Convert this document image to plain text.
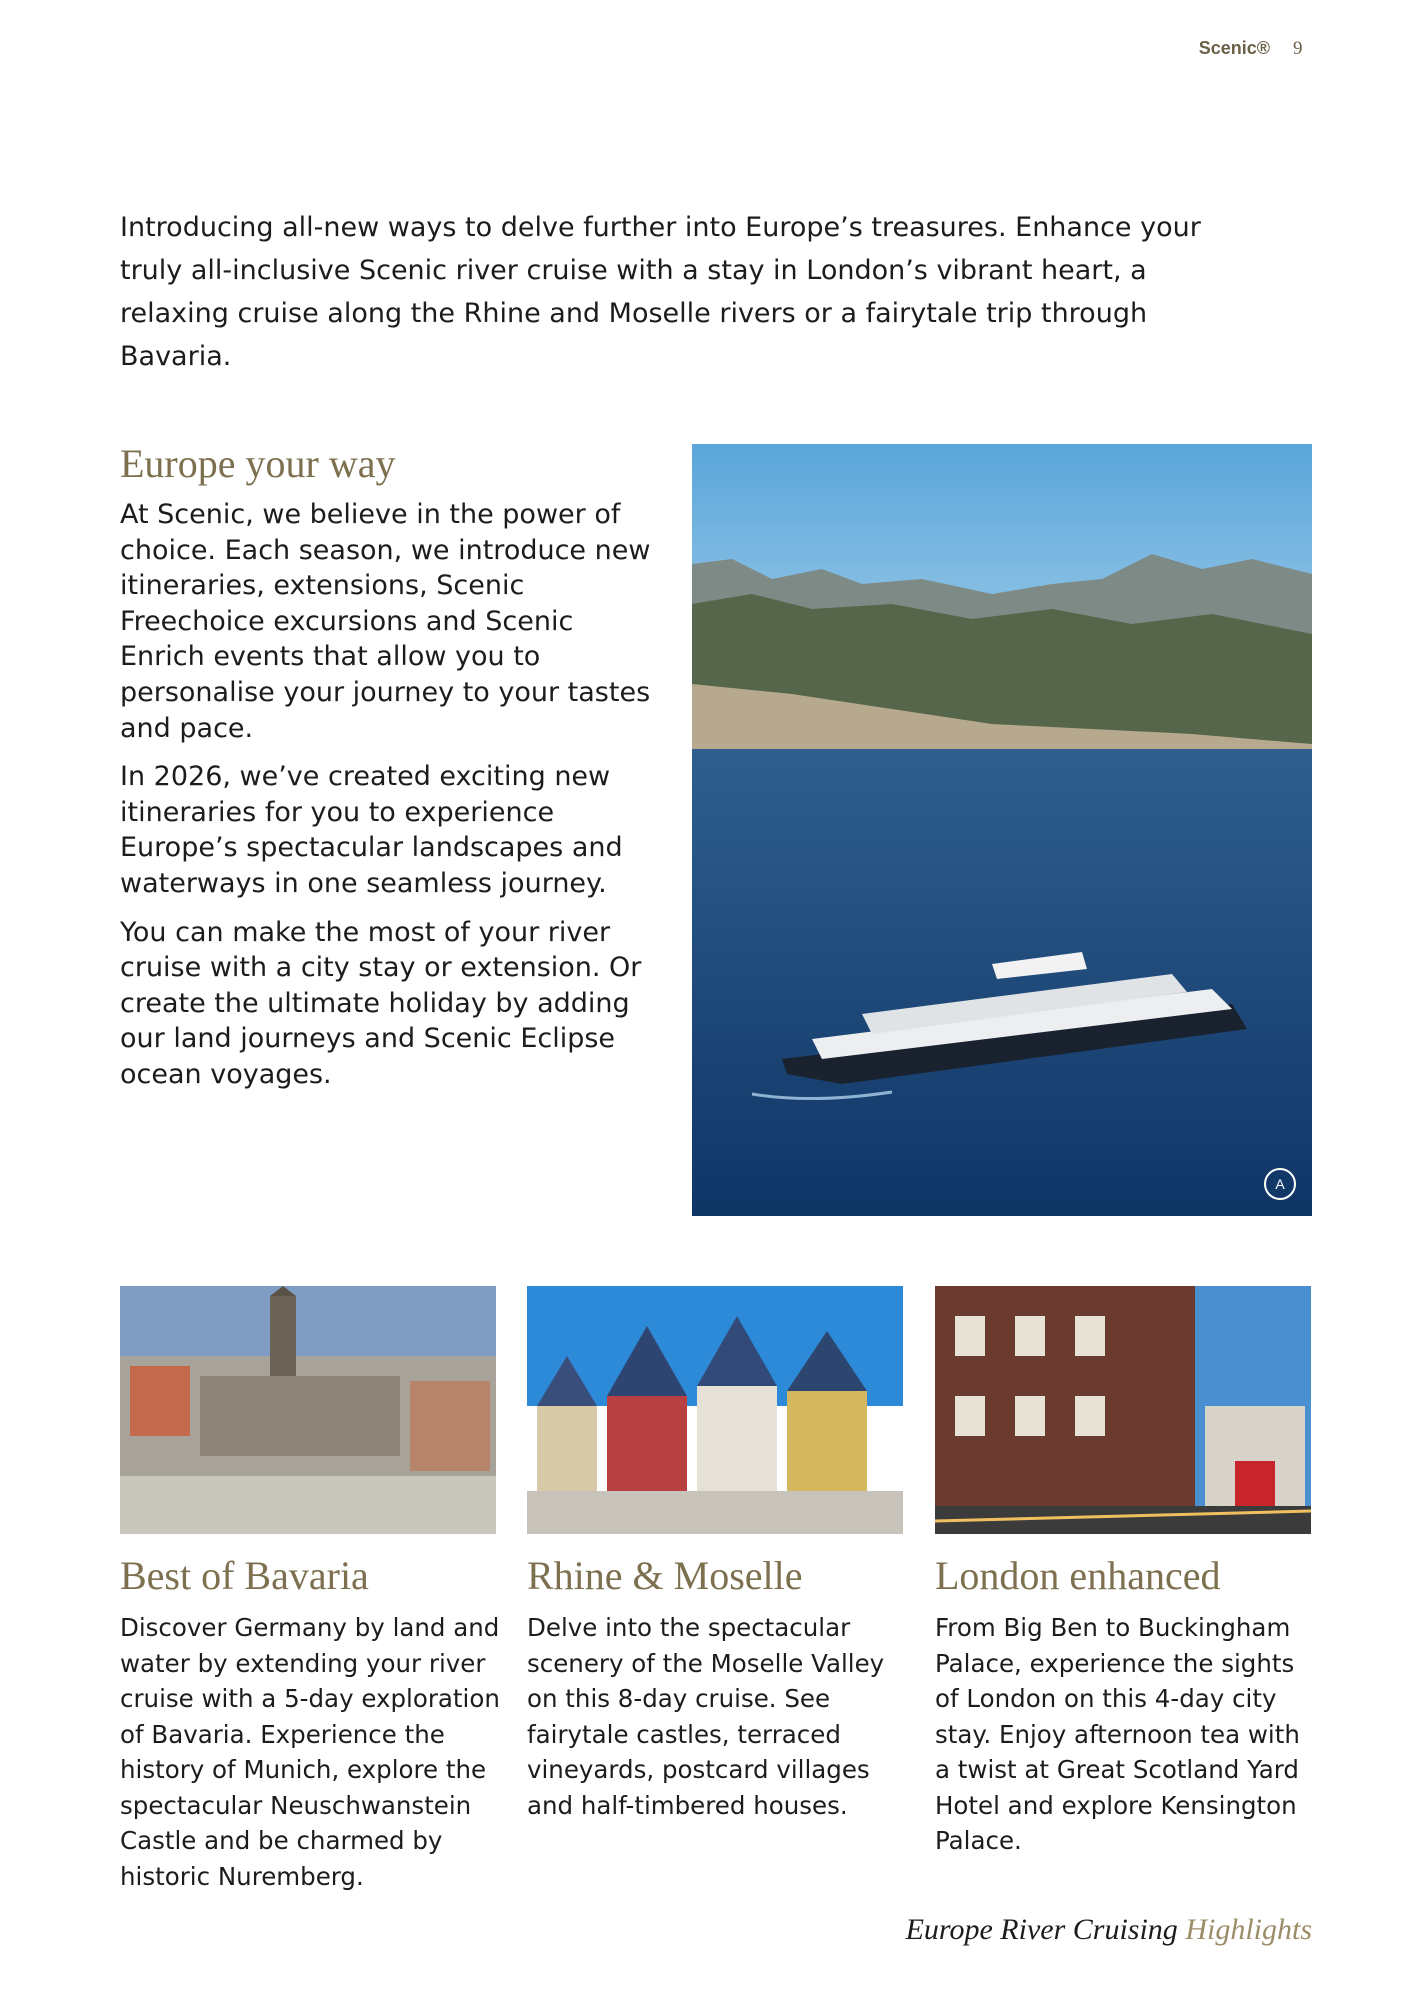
Scenic® 9
Introducing all-new ways to delve further into Europe’s treasures. Enhance your truly all-inclusive Scenic river cruise with a stay in London’s vibrant heart, a relaxing cruise along the Rhine and Moselle rivers or a fairytale trip through Bavaria.
Europe your way

At Scenic, we believe in the power of choice. Each season, we introduce new itineraries, extensions, Scenic Freechoice excursions and Scenic Enrich events that allow you to personalise your journey to your tastes and pace.

In 2026, we’ve created exciting new itineraries for you to experience Europe’s spectacular landscapes and waterways in one seamless journey.

You can make the most of your river cruise with a city stay or extension. Or create the ultimate holiday by adding our land journeys and Scenic Eclipse ocean voyages.

A
Best of Bavaria	Rhine & Moselle	London enhanced
Discover Germany by land and water by extending your river cruise with a 5-day exploration of Bavaria. Experience the history of Munich, explore the spectacular Neuschwanstein Castle and be charmed by historic Nuremberg.
Delve into the spectacular scenery of the Moselle Valley on this 8-day cruise. See fairytale castles, terraced vineyards, postcard villages and half-timbered houses.
From Big Ben to Buckingham Palace, experience the sights of London on this 4-day city stay. Enjoy afternoon tea with a twist at Great Scotland Yard Hotel and explore Kensington Palace.
Europe River Cruising Highlights
